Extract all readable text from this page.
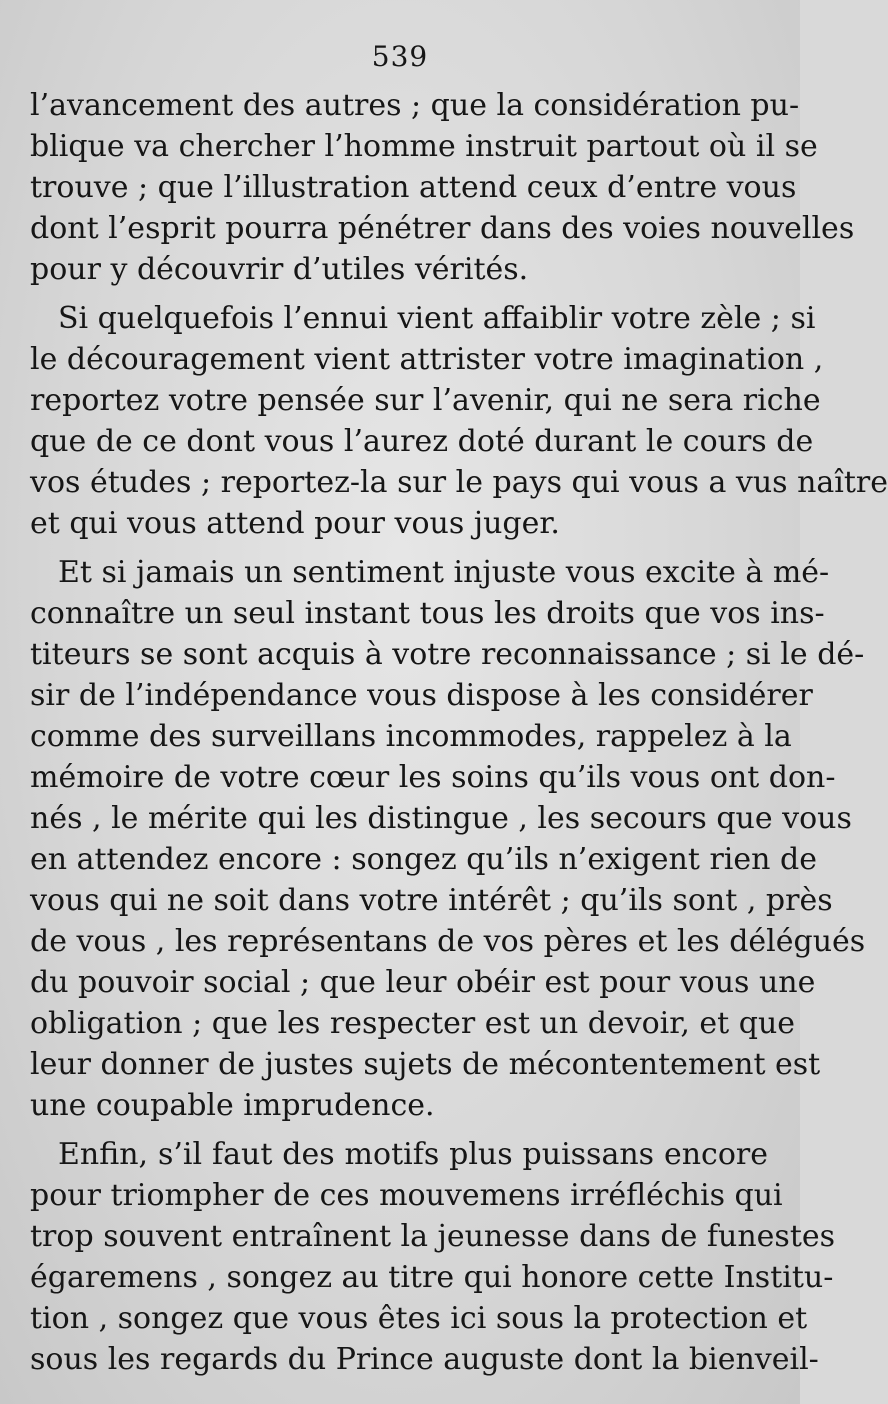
539
l’avancement des autres ; que la considération pu-
blique va chercher l’homme instruit partout où il se
trouve ; que l’illustration attend ceux d’entre vous
dont l’esprit pourra pénétrer dans des voies nouvelles
pour y découvrir d’utiles vérités.
Si quelquefois l’ennui vient affaiblir votre zèle ; si
le découragement vient attrister votre imagination ,
reportez votre pensée sur l’avenir, qui ne sera riche
que de ce dont vous l’aurez doté durant le cours de
vos études ; reportez-la sur le pays qui vous a vus naître
et qui vous attend pour vous juger.
Et si jamais un sentiment injuste vous excite à mé-
connaître un seul instant tous les droits que vos ins-
titeurs se sont acquis à votre reconnaissance ; si le dé-
sir de l’indépendance vous dispose à les considérer
comme des surveillans incommodes, rappelez à la
mémoire de votre cœur les soins qu’ils vous ont don-
nés , le mérite qui les distingue , les secours que vous
en attendez encore : songez qu’ils n’exigent rien de
vous qui ne soit dans votre intérêt ; qu’ils sont , près
de vous , les représentans de vos pères et les délégués
du pouvoir social ; que leur obéir est pour vous une
obligation ; que les respecter est un devoir, et que
leur donner de justes sujets de mécontentement est
une coupable imprudence.
Enfin, s’il faut des motifs plus puissans encore
pour triompher de ces mouvemens irréfléchis qui
trop souvent entraînent la jeunesse dans de funestes
égaremens , songez au titre qui honore cette Institu-
tion , songez que vous êtes ici sous la protection et
sous les regards du Prince auguste dont la bienveil-
